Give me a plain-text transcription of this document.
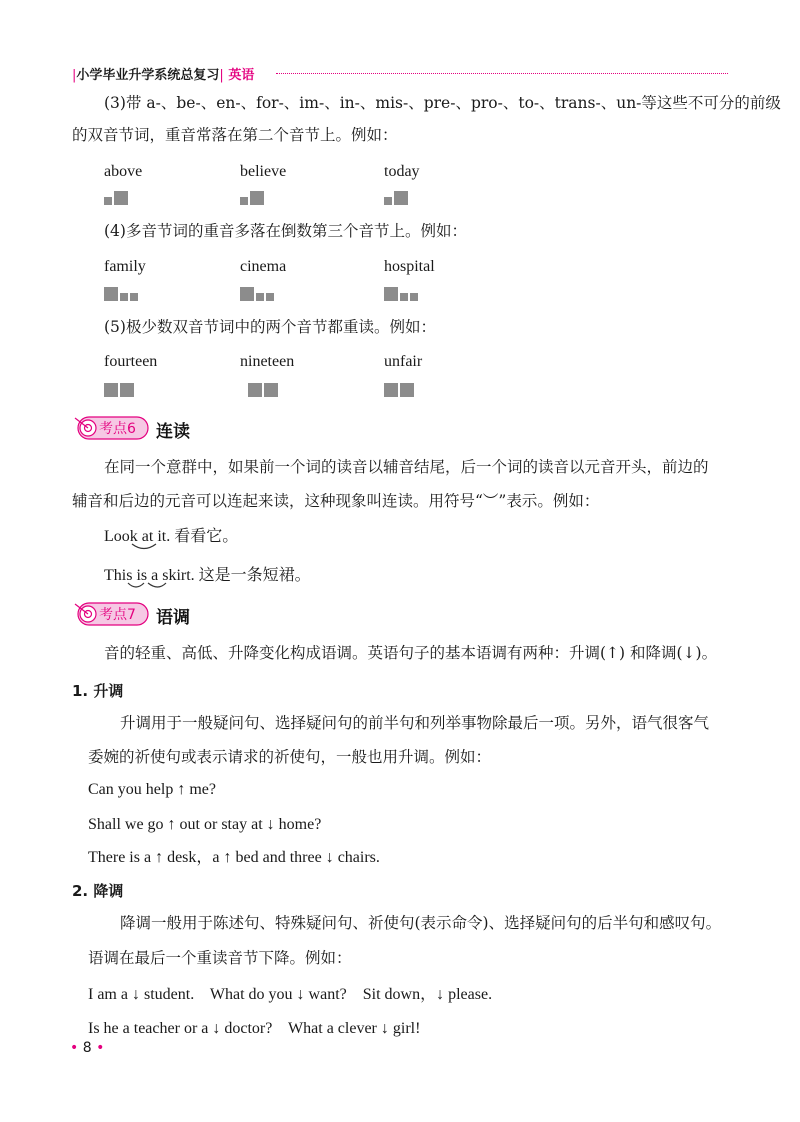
|小学毕业升学系统总复习| 英语
(3)带 a-、be-、en-、for-、im-、in-、mis-、pre-、pro-、to-、trans-、un-等这些不可分的前级
的双音节词，重音常落在第二个音节上。例如：
above	believe	today
(4)多音节词的重音多落在倒数第三个音节上。例如：
family	cinema	hospital
(5)极少数双音节词中的两个音节都重读。例如：
fourteen	nineteen	unfair
考点6 连读
在同一个意群中，如果前一个词的读音以辅音结尾，后一个词的读音以元音开头，前边的
辅音和后边的元音可以连起来读，这种现象叫连读。用符号“︶”表示。例如：
Look at it. 看看它。
This is a skirt. 这是一条短裙。
考点7 语调
音的轻重、高低、升降变化构成语调。英语句子的基本语调有两种：升调(↑) 和降调(↓)。
1. 升调
升调用于一般疑问句、选择疑问句的前半句和列举事物除最后一项。另外，语气很客气
委婉的祈使句或表示请求的祈使句，一般也用升调。例如：
Can you help ↑ me?
Shall we go ↑ out or stay at ↓ home?
There is a ↑ desk，a ↑ bed and three ↓ chairs.
2. 降调
降调一般用于陈述句、特殊疑问句、祈使句(表示命令)、选择疑问句的后半句和感叹句。
语调在最后一个重读音节下降。例如：
I am a ↓ student.    What do you ↓ want?    Sit down，↓ please.
Is he a teacher or a ↓ doctor?    What a clever ↓ girl!
• 8 •
